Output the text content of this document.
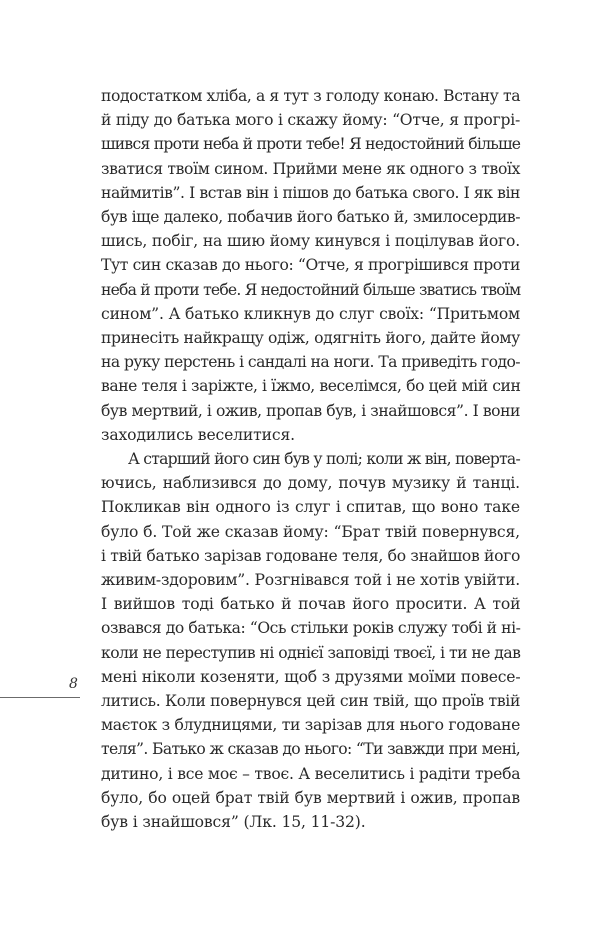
подостатком хліба, а я тут з голоду конаю. Встану та
й піду до батька мого і скажу йому: “Отче, я прогрі-
шився проти неба й проти тебе! Я недостойний більше
зватися твоїм сином. Прийми мене як одного з твоїх
наймитів”. І встав він і пішов до батька свого. І як він
був іще далеко, побачив його батько й, змилосердив-
шись, побіг, на шию йому кинувся і поцілував його.
Тут син сказав до нього: “Отче, я прогрішився проти
неба й проти тебе. Я недостойний більше зватись твоїм
сином”. А батько кликнув до слуг своїх: “Притьмом
принесіть найкращу одіж, одягніть його, дайте йому
на руку перстень і сандалі на ноги. Та приведіть годо-
ване теля і заріжте, і їжмо, веселімся, бо цей мій син
був мертвий, і ожив, пропав був, і знайшовся”. І вони
заходились веселитися.
А старший його син був у полі; коли ж він, поверта-
ючись, наблизився до дому, почув музику й танці.
Покликав він одного із слуг і спитав, що воно таке
було б. Той же сказав йому: “Брат твій повернувся,
і твій батько зарізав годоване теля, бо знайшов його
живим-здоровим”. Розгнівався той і не хотів увійти.
І вийшов тоді батько й почав його просити. А той
озвався до батька: “Ось стільки років служу тобі й ні-
коли не переступив ні однієї заповіді твоєї, і ти не дав
мені ніколи козеняти, щоб з друзями моїми повесе-
литись. Коли повернувся цей син твій, що проїв твій
маєток з блудницями, ти зарізав для нього годоване
теля”. Батько ж сказав до нього: “Ти завжди при мені,
дитино, і все моє – твоє. А веселитись і радіти треба
було, бо оцей брат твій був мертвий і ожив, пропав
був і знайшовся” (Лк. 15, 11-32).
8
